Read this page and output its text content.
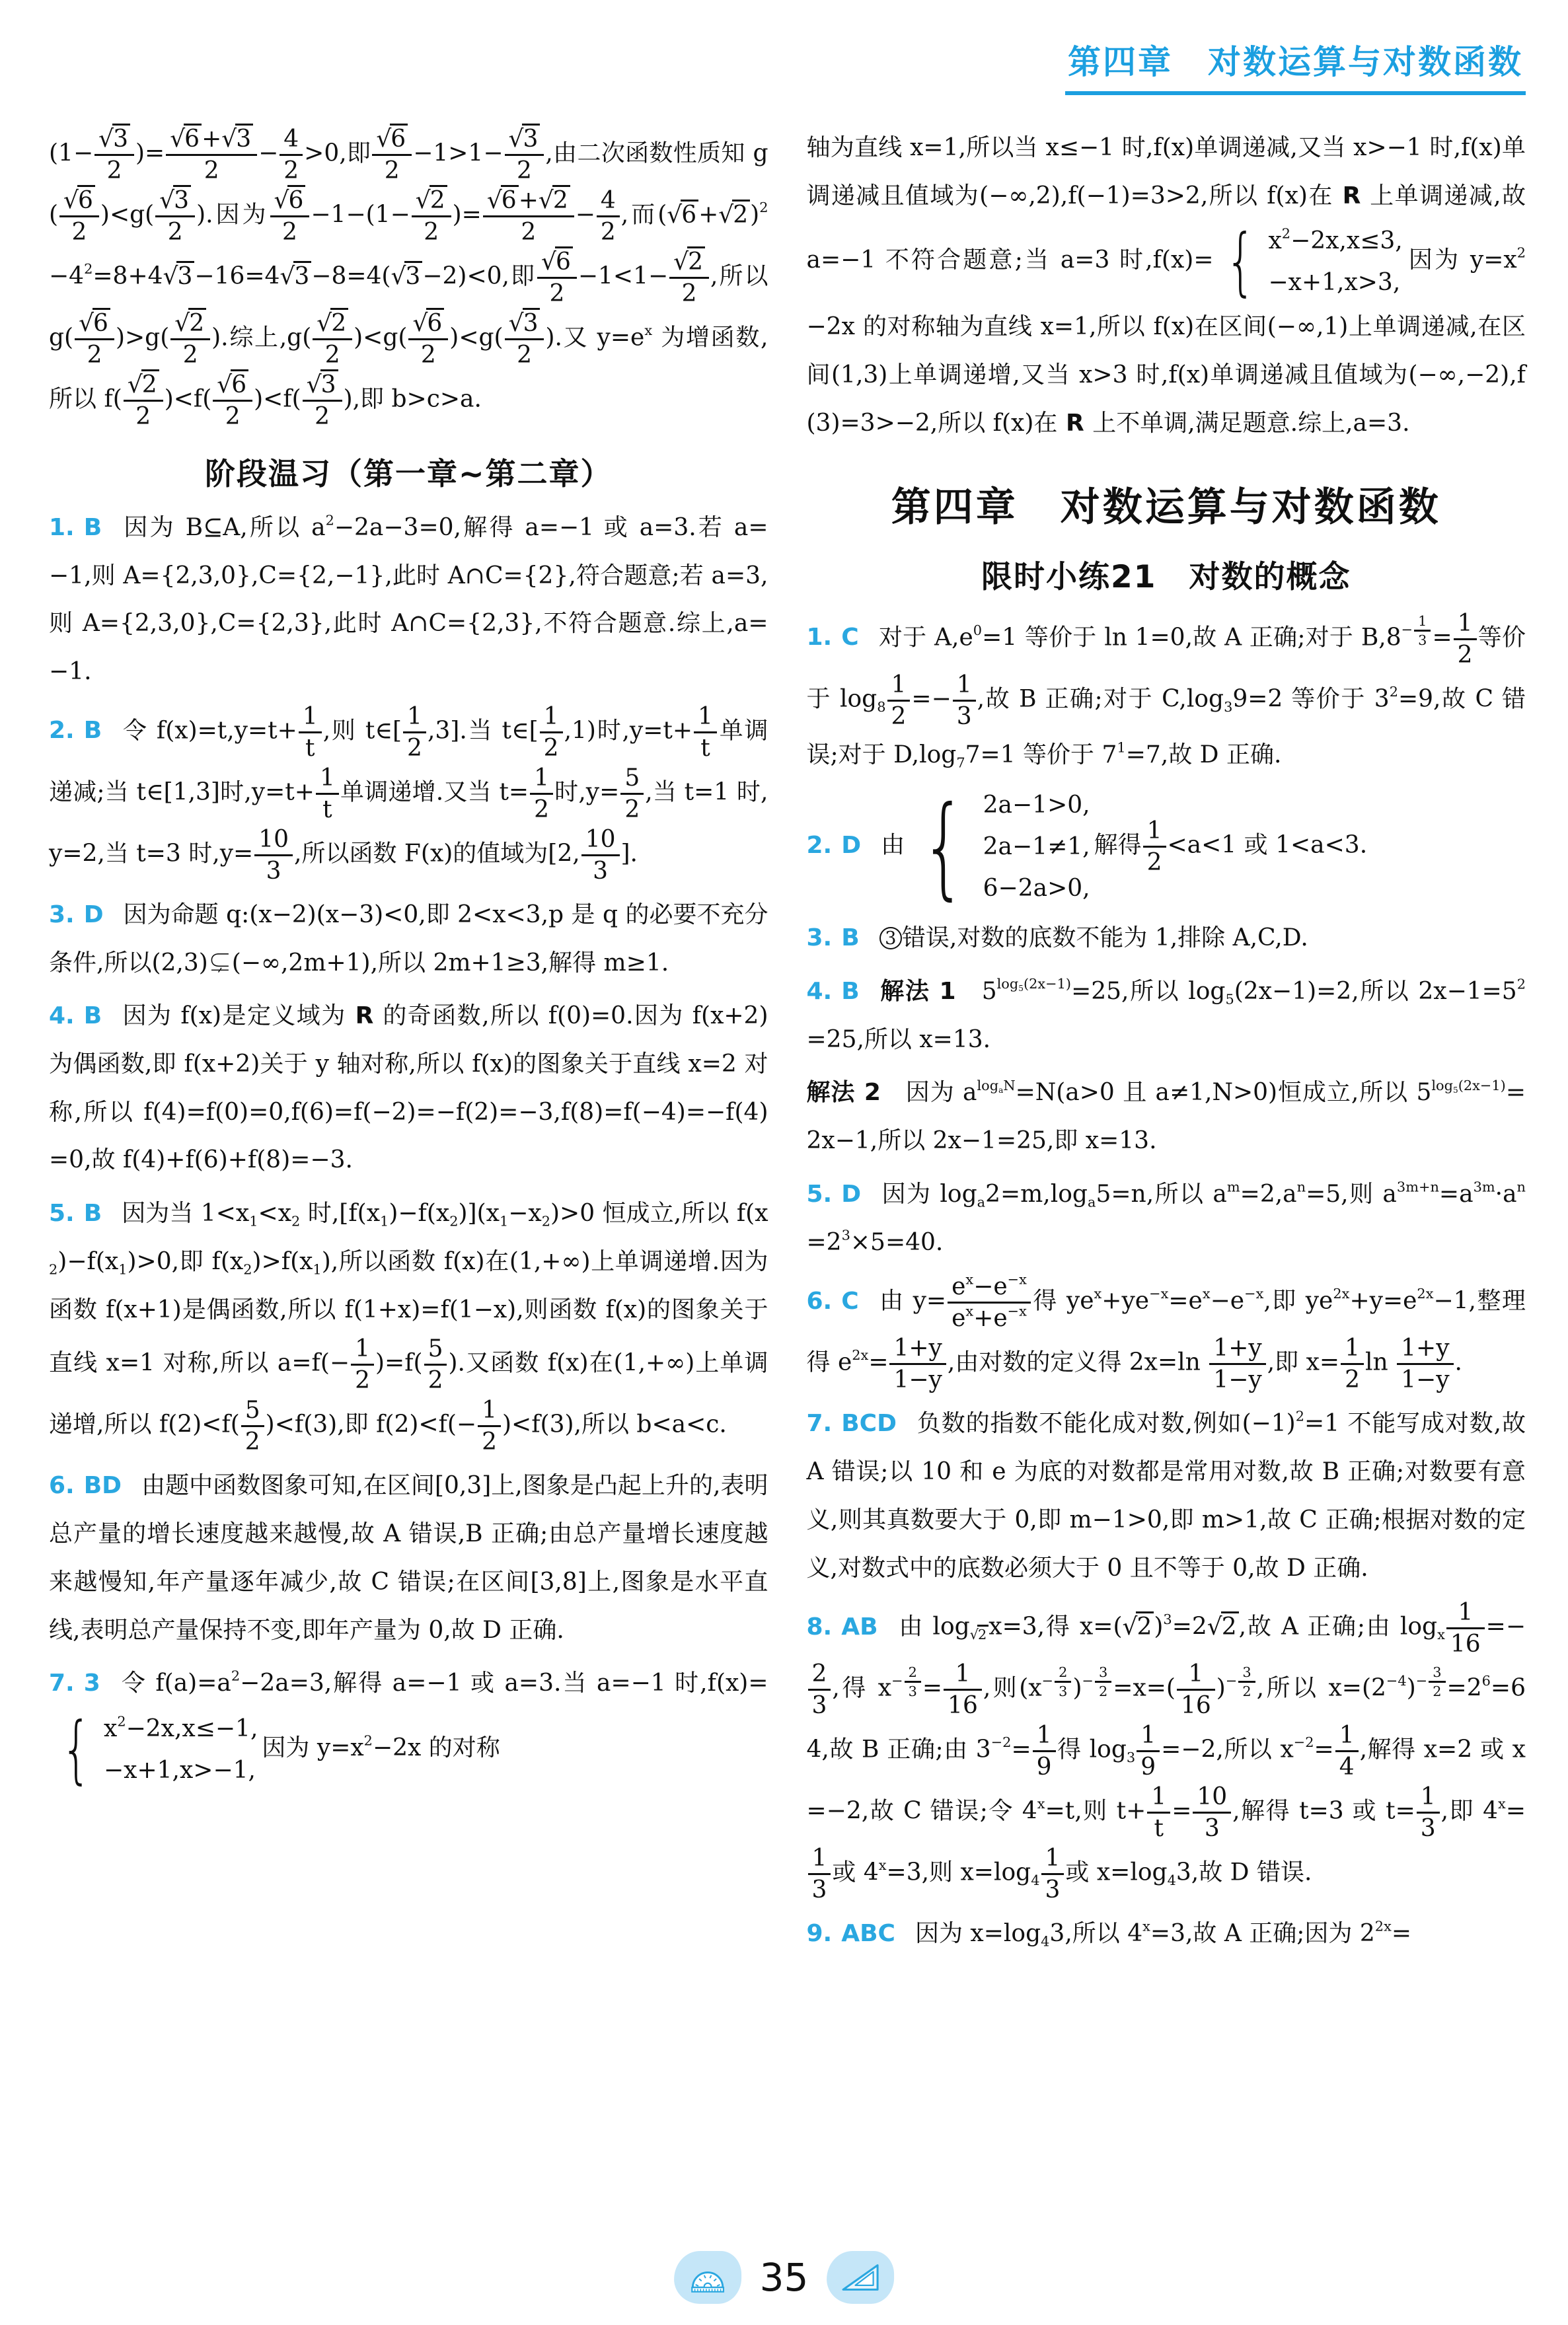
第四章　对数运算与对数函数

($1- \frac{√3}{2}$ )= $\frac{√6+√3}{2} - \frac{4}{2} >0$,即 $\frac{√6}{2} -1>1- \frac{√3}{2}$ ,由二次函数性质知 $g( \frac{√6}{2} )<g( \frac{√3}{2}$ ).因为 $\frac{√6}{2} -1-(1- \frac{√2}{2}$ )= $\frac{√6+√2}{2} - \frac{4}{2}$ ,而$(√6+√2)^2-4^2=8+4√3-16=4√3-8=4(√3-2)<0$,即 $\frac{√6}{2} -1<1- \frac{√2}{2}$ ,所以 $g( \frac{√6}{2} )>g( \frac{√2}{2}$ ).综上$,g( \frac{√2}{2} )<g( \frac{√6}{2} )<g( \frac{√3}{2}$ ).又 $y=e^x$ 为增函数,所以 $f( \frac{√2}{2} )<f( \frac{√6}{2} )<f( \frac{√3}{2}$ ),即 b>c>a.

阶段温习（第一章~第二章）

1. B 因为 B⊆A,所以 $a^2-2a-3=0$,解得 a=−1 或 a=3.若 a=−1,则 A={2,3,0},C={2,−1},此时 A∩C={2},符合题意;若 a=3,则 A={2,3,0},C={2,3},此时 A∩C={2,3},不符合题意.综上,a=−1.

2. B 令 $f(x)=t,y=t+ \frac{1}{t}$ ,则 t∈[ $\frac{1}{2} ,3$].当 t∈[ $\frac{1}{2} ,1$)时$,y=t+ \frac{1}{t}$ 单调递减;当 t∈[1,3]时$,y=t+ \frac{1}{t}$ 单调递增.又当 $t= \frac{1}{2}$ 时$,y= \frac{5}{2}$ ,当 t=1 时,y=2,当 t=3 时$,y= \frac{10}{3}$ ,所以函数 F(x)的值域为[2, $\frac{10}{3}$ ].

3. D 因为命题 q:(x−2)(x−3)<0,即 2<x<3,p 是 q 的必要不充分条件,所以(2,3)⊊(−∞,2m+1),所以 2m+1≥3,解得 m≥1.

4. B 因为 f(x)是定义域为 R 的奇函数,所以 f(0)=0.因为 f(x+2)为偶函数,即 f(x+2)关于 y 轴对称,所以 f(x)的图象关于直线 x=2 对称,所以 f(4)=f(0)=0,f(6)=f(−2)=−f(2)=−3,f(8)=f(−4)=−f(4)=0,故 f(4)+f(6)+f(8)=−3.

5. B 因为当 $1<x_1<x_2$ 时$,[f(x_1)-f(x_2)](x_1-x_2)>0$ 恒成立,所以 $f(x_2)-f(x_1)>0$,即 $f(x_2)>f(x_1)$,所以函数 f(x)在(1,+∞)上单调递增.因为函数 f(x+1)是偶函数,所以 f(1+x)=f(1−x),则函数 f(x)的图象关于直线 x=1 对称,所以 $a=f(- \frac{1}{2} )=f( \frac{5}{2}$ ).又函数 f(x)在(1,+∞)上单调递增,所以 $f(2)<f( \frac{5}{2} )<f(3)$,即 $f(2)<f(- \frac{1}{2} )<f(3)$,所以 b<a<c.

6. BD 由题中函数图象可知,在区间[0,3]上,图象是凸起上升的,表明总产量的增长速度越来越慢,故 A 错误,B 正确;由总产量增长速度越来越慢知,年产量逐年减少,故 C 错误;在区间[3,8]上,图象是水平直线,表明总产量保持不变,即年产量为 0,故 D 正确.

7. 3 令 $f(a)=a^2-2a=3$,解得 a=−1 或 a=3.当 a=−1 时,f(x)=
{ $x^2-2x,x\le-1$,
−x+1,x>−1,
因为 $y=x^2-2x$ 的对称

轴为直线 x=1,所以当 x≤−1 时,f(x)单调递减,又当 x>−1 时,f(x)单调递减且值域为(−∞,2),f(−1)=3>2,所以 f(x)在 R 上单调递减,故 a=−1 不符合题意;当 a=3 时,f(x)= { $x^2-2x,x\le 3$,
−x+1,x>3,
因为 $y=x^2-2x$ 的对称轴为直线 x=1,所以 f(x)在区间(−∞,1)上单调递减,在区间(1,3)上单调递增,又当 x>3 时,f(x)单调递减且值域为(−∞,−2),f(3)=3>−2,所以 f(x)在 R 上不单调,满足题意.综上,a=3.

第四章　对数运算与对数函数
限时小练21　对数的概念

1. C 对于 $A,e^0=1$ 等价于 ln 1=0,故 A 正确;对于 $B,8^{- \frac{1}{3}} = \frac{1}{2}$ 等价于 $\log_8 \frac{1}{2} =- \frac{1}{3}$ ,故 B 正确;对于 $C,\log_39=2$ 等价于 $3^2=9$,故 C 错误;对于 $D,\log_77=1$ 等价于 $7^1=7$,故 D 正确.

2. D 由 { 2a−1>0,
2a−1≠1,
6−2a>0,
解得 $\frac{1}{2} <a<1$ 或 1<a<3.

3. B 3 错误,对数的底数不能为 1,排除 A,C,D.

4. B 解法 1　$5^{log_5(2x-1)}=25$,所以 $\log_5(2x-1)=2$,所以 $2x-1=5^2=25$,所以 x=13.

解法 2　因为 $a^{log_aN}=N(a>0$ 且 a≠1,N>0)恒成立,所以 $5^{log_5(2x-1)}=2x-1$,所以 2x−1=25,即 x=13.

5. D 因为 $\log_a2=m,\log_a5=n$,所以 $a^m=2,a^n=5$,则 $a^{3m+n}=a^{3m}\cdot a^n=2^3\times 5=40$.

6. C 由 $y= \frac{e^x-e^{-x}}{e^x+e^{-x}}$ 得 $ye^x+ye^{-x}=e^x-e^{-x}$,即 $ye^{2x}+y=e^{2x}-1$,整理得 $e^{2x}= \frac{1+y}{1-y}$ ,由对数的定义得 $2x=\ln \frac{1+y}{1-y}$ ,即 $x= \frac{1}{2}$ $\ln \frac{1+y}{1-y}$ .

7. BCD 负数的指数不能化成对数,例如$(-1)^2=1$ 不能写成对数,故 A 错误;以 10 和 e 为底的对数都是常用对数,故 B 正确;对数要有意义,则其真数要大于 0,即 m−1>0,即 m>1,故 C 正确;根据对数的定义,对数式中的底数必须大于 0 且不等于 0,故 D 正确.

8. AB 由 $\log_{√2}x=3$,得 $x=(√2)^3=2√2$,故 A 正确;由 $\log_x \frac{1}{16}$ =−
$\frac{2}{3}$ ,得 $x^{- \frac{2}{3}} = \frac{1}{16}$ ,则($x^{- \frac{2}{3}}$ )$^{- \frac{3}{2}} =x=( \frac{1}{16} )^{- \frac{3}{2}}$ ,所以 $x=(2^{-4})^{- \frac{3}{2}} =2^6=64$,故 B 正确;由 $3^{-2}= \frac{1}{9}$ 得 $\log_3 \frac{1}{9} =-2$,所以 $x^{-2}= \frac{1}{4}$ ,解得 x=2 或 x=−2,故 C 错误;令 $4^x=t$,则 $t+ \frac{1}{t} = \frac{10}{3}$ ,解得 t=3 或 $t= \frac{1}{3}$ ,即 $4^x=$
$\frac{1}{3}$ 或 $4^x=3$,则 $x=\log_4 \frac{1}{3}$ 或 $x=\log_43$,故 D 错误.

9. ABC 因为 $x=\log_43$,所以 $4^x=3$,故 A 正确;因为 $2^{2x}=$

35
